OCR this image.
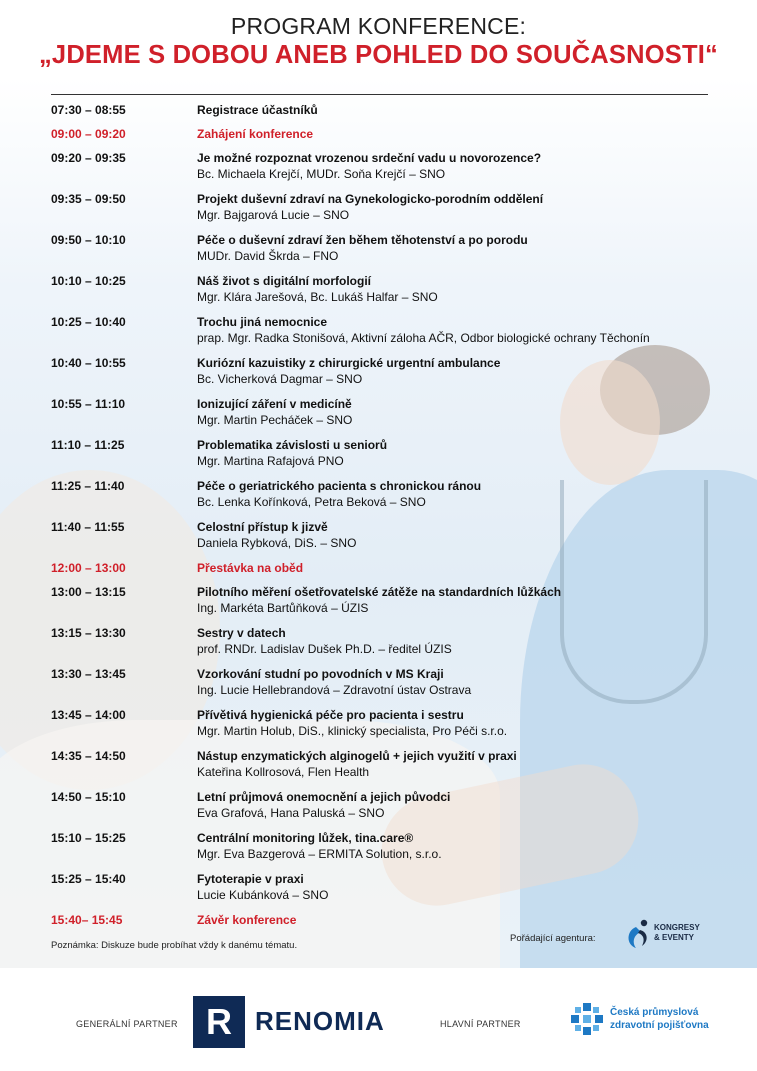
PROGRAM KONFERENCE:
„JDEME S DOBOU ANEB POHLED DO SOUČASNOSTI“
07:30 – 08:55	Registrace účastníků
09:00 – 09:20	Zahájení konference
09:20 – 09:35	Je možné rozpoznat vrozenou srdeční vadu u novorozence?
Bc. Michaela Krejčí, MUDr. Soňa Krejčí – SNO
09:35 – 09:50	Projekt duševní zdraví na Gynekologicko-porodním oddělení
Mgr. Bajgarová Lucie – SNO
09:50 – 10:10	Péče o duševní zdraví žen během těhotenství a po porodu
MUDr. David Škrda – FNO
10:10 – 10:25	Náš život s digitální morfologií
Mgr. Klára Jarešová, Bc. Lukáš Halfar – SNO
10:25 – 10:40	Trochu jiná nemocnice
prap. Mgr. Radka Stonišová, Aktivní záloha AČR, Odbor biologické ochrany Těchonín
10:40 – 10:55	Kuriózní kazuistiky z chirurgické urgentní ambulance
Bc. Vicherková Dagmar – SNO
10:55 – 11:10	Ionizující záření v medicíně
Mgr. Martin Pecháček – SNO
11:10 – 11:25	Problematika závislosti u seniorů
Mgr. Martina Rafajová PNO
11:25 – 11:40	Péče o geriatrického pacienta s chronickou ránou
Bc. Lenka Kořínková, Petra Beková – SNO
11:40 – 11:55	Celostní přístup k jizvě
Daniela Rybková, DiS. – SNO
12:00 – 13:00	Přestávka na oběd
13:00 – 13:15	Pilotního měření ošetřovatelské zátěže na standardních lůžkách
Ing. Markéta Bartůňková – ÚZIS
13:15 – 13:30	Sestry v datech
prof. RNDr. Ladislav Dušek Ph.D. – ředitel ÚZIS
13:30 – 13:45	Vzorkování studní po povodních v MS Kraji
Ing. Lucie Hellebrandová – Zdravotní ústav Ostrava
13:45 – 14:00	Přívětivá hygienická péče pro pacienta i sestru
Mgr. Martin Holub, DiS., klinický specialista, Pro Péči s.r.o.
14:35 – 14:50	Nástup enzymatických alginogelů + jejich využití v praxi
Kateřina Kollrosová, Flen Health
14:50 – 15:10	Letní průjmová onemocnění a jejich původci
Eva Grafová, Hana Paluská – SNO
15:10 – 15:25	Centrální monitoring lůžek, tina.care®
Mgr. Eva Bazgerová – ERMITA Solution, s.r.o.
15:25 – 15:40	Fytoterapie v praxi
Lucie Kubánková – SNO
15:40– 15:45	Závěr konference
Poznámka: Diskuze bude probíhat vždy k danému tématu.
Pořádající agentura:
KONGRESY
& EVENTY
GENERÁLNÍ PARTNER R RENOMIA	HLAVNÍ PARTNER
Česká průmyslová
zdravotní pojišťovna
